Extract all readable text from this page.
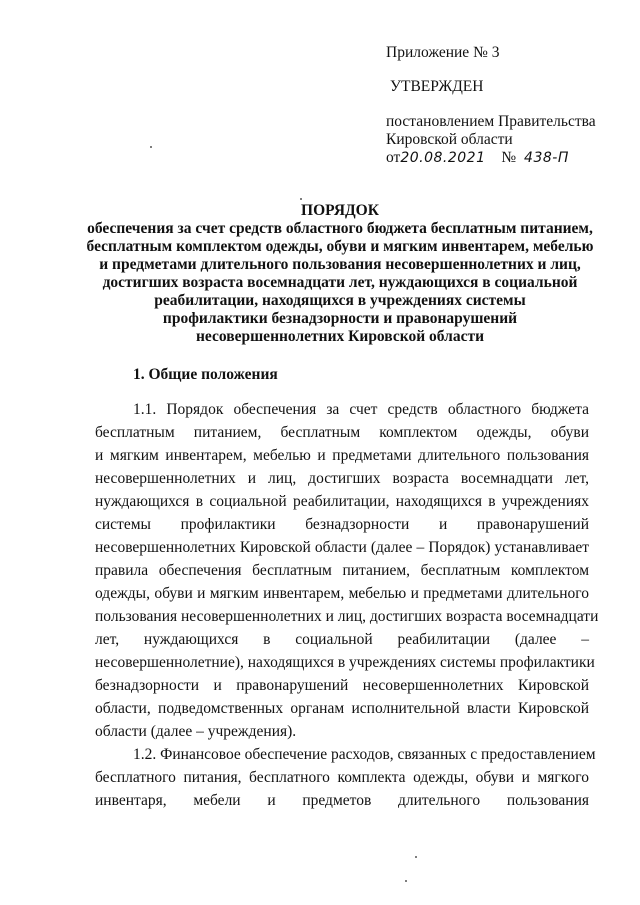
Приложение № 3
УТВЕРЖДЕН
постановлением Правительства
Кировской области
от20.08.2021 № 438-П
ПОРЯДОК
обеспечения за счет средств областного бюджета бесплатным питанием,
бесплатным комплектом одежды, обуви и мягким инвентарем, мебелью
и предметами длительного пользования несовершеннолетних и лиц,
достигших возраста восемнадцати лет, нуждающихся в социальной
реабилитации, находящихся в учреждениях системы
профилактики безнадзорности и правонарушений
несовершеннолетних Кировской области
1. Общие положения
1.1. Порядок обеспечения за счет средств областного бюджета
бесплатным питанием, бесплатным комплектом одежды, обуви
и мягким инвентарем, мебелью и предметами длительного пользования
несовершеннолетних и лиц, достигших возраста восемнадцати лет,
нуждающихся в социальной реабилитации, находящихся в учреждениях
системы профилактики безнадзорности и правонарушений
несовершеннолетних Кировской области (далее – Порядок) устанавливает
правила обеспечения бесплатным питанием, бесплатным комплектом
одежды, обуви и мягким инвентарем, мебелью и предметами длительного
пользования несовершеннолетних и лиц, достигших возраста восемнадцати
лет, нуждающихся в социальной реабилитации (далее –
несовершеннолетние), находящихся в учреждениях системы профилактики
безнадзорности и правонарушений несовершеннолетних Кировской
области, подведомственных органам исполнительной власти Кировской
области (далее – учреждения).
1.2. Финансовое обеспечение расходов, связанных с предоставлением
бесплатного питания, бесплатного комплекта одежды, обуви и мягкого
инвентаря, мебели и предметов длительного пользования
